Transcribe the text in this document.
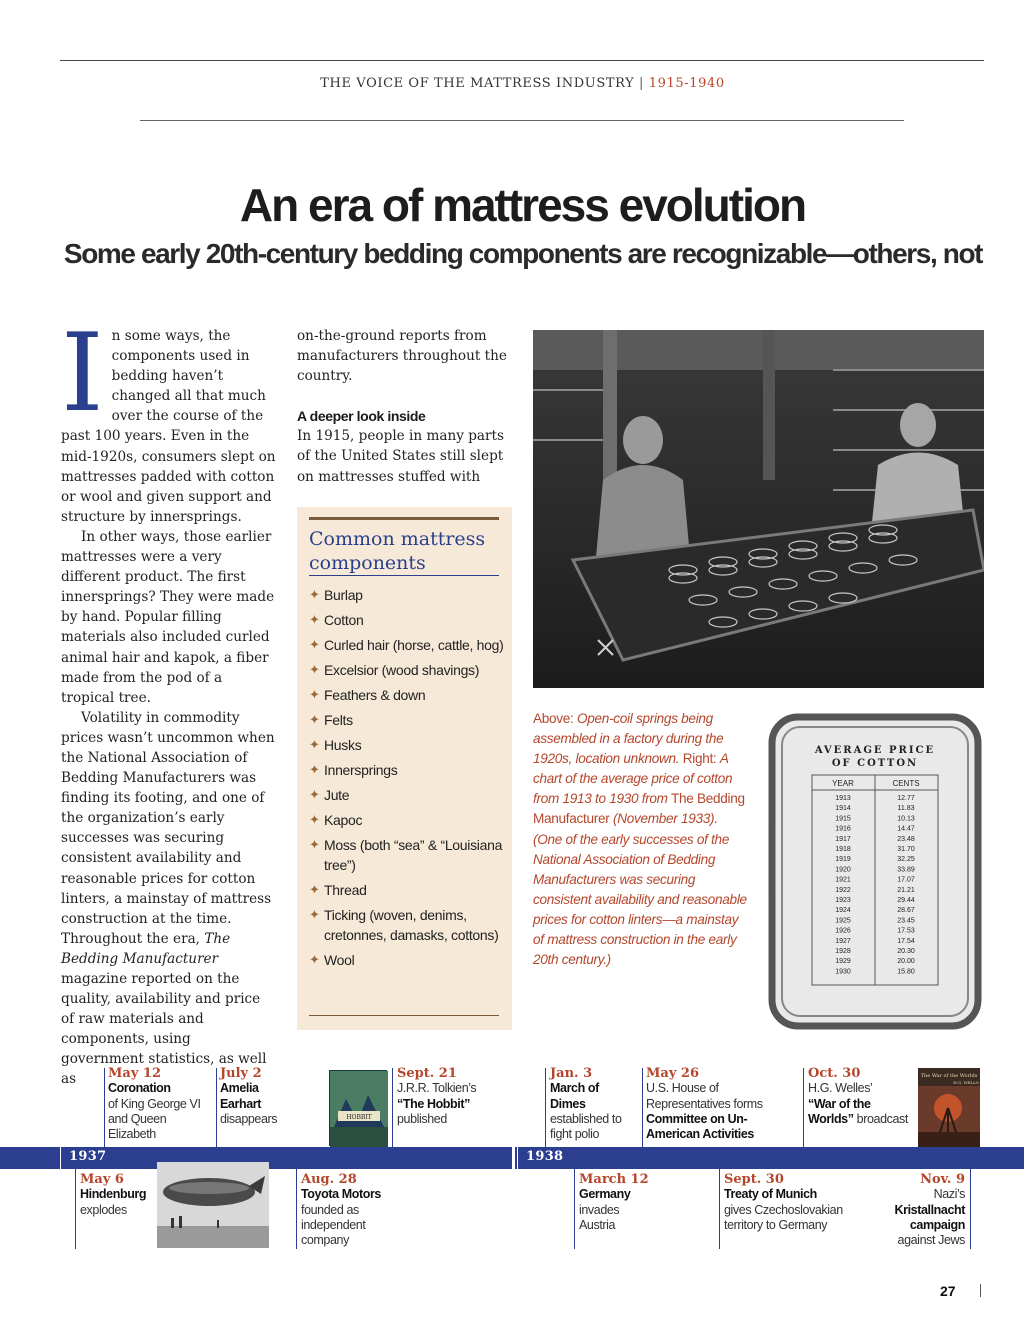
THE VOICE OF THE MATTRESS INDUSTRY | 1915-1940
An era of mattress evolution
Some early 20th-century bedding components are recognizable—others, not

In some ways, the components used in bedding haven’t changed all that much over the course of the past 100 years. Even in the mid-1920s, consumers slept on mattresses padded with cotton or wool and given support and structure by innersprings.

In other ways, those earlier mattresses were a very different product. The first innersprings? They were made by hand. Popular filling materials also included curled animal hair and kapok, a fiber made from the pod of a tropical tree.

Volatility in commodity prices wasn’t uncommon when the National Association of Bedding Manufacturers was finding its footing, and one of the organization’s early successes was securing consistent availability and reasonable prices for cotton linters, a mainstay of mattress construction at the time. Throughout the era, The Bedding Manufacturer magazine reported on the quality, availability and price of raw materials and components, using government statistics, as well as

on-the-ground reports from manufacturers throughout the country.

A deeper look inside

In 1915, people in many parts of the United States still slept on mattresses stuffed with

Common mattress components
✦ Burlap
✦ Cotton
✦ Curled hair (horse, cattle, hog)
✦ Excelsior (wood shavings)
✦ Feathers & down
✦ Felts
✦ Husks
✦ Innersprings
✦ Jute
✦ Kapoc
✦ Moss (both “sea” & “Louisiana tree”)
✦ Thread
✦ Ticking (woven, denims, cretonnes, damasks, cottons)
✦ Wool
Above: Open-coil springs being assembled in a factory during the 1920s, location unknown. Right: A chart of the average price of cotton from 1913 to 1930 from The Bedding Manufacturer (November 1933). (One of the early successes of the National Association of Bedding Manufacturers was securing consistent availability and reasonable prices for cotton linters—a mainstay of mattress construction in the early 20th century.)
AVERAGE PRICE
OF COTTON
YEAR	CENTS
1913	12.77
1914	11.83
1915	10.13
1916	14.47
1917	23.48
1918	31.70
1919	32.25
1920	33.89
1921	17.07
1922	21.21
1923	29.44
1924	28.67
1925	23.45
1926	17.53
1927	17.54
1928	20.30
1929	20.00
1930	15.80
May 12
Coronation
of King George VI and Queen Elizabeth
July 2
Amelia Earhart
disappears	HOBBIT
Sept. 21
J.R.R. Tolkien’s
“The Hobbit”
published
Jan. 3
March of Dimes
established to fight polio
May 26
U.S. House of Representatives forms
Committee on Un-American Activities
Oct. 30
H.G. Welles’
“War of the Worlds” broadcast
The War of the Worlds
H.G. WELLS
1937	1938
May 6
Hindenburg
explodes
Aug. 28
Toyota Motors
founded as independent company
March 12
Germany
invades Austria
Sept. 30
Treaty of Munich
gives Czechoslovakian territory to Germany
Nov. 9
Nazi’s
Kristallnacht campaign
against Jews
27
